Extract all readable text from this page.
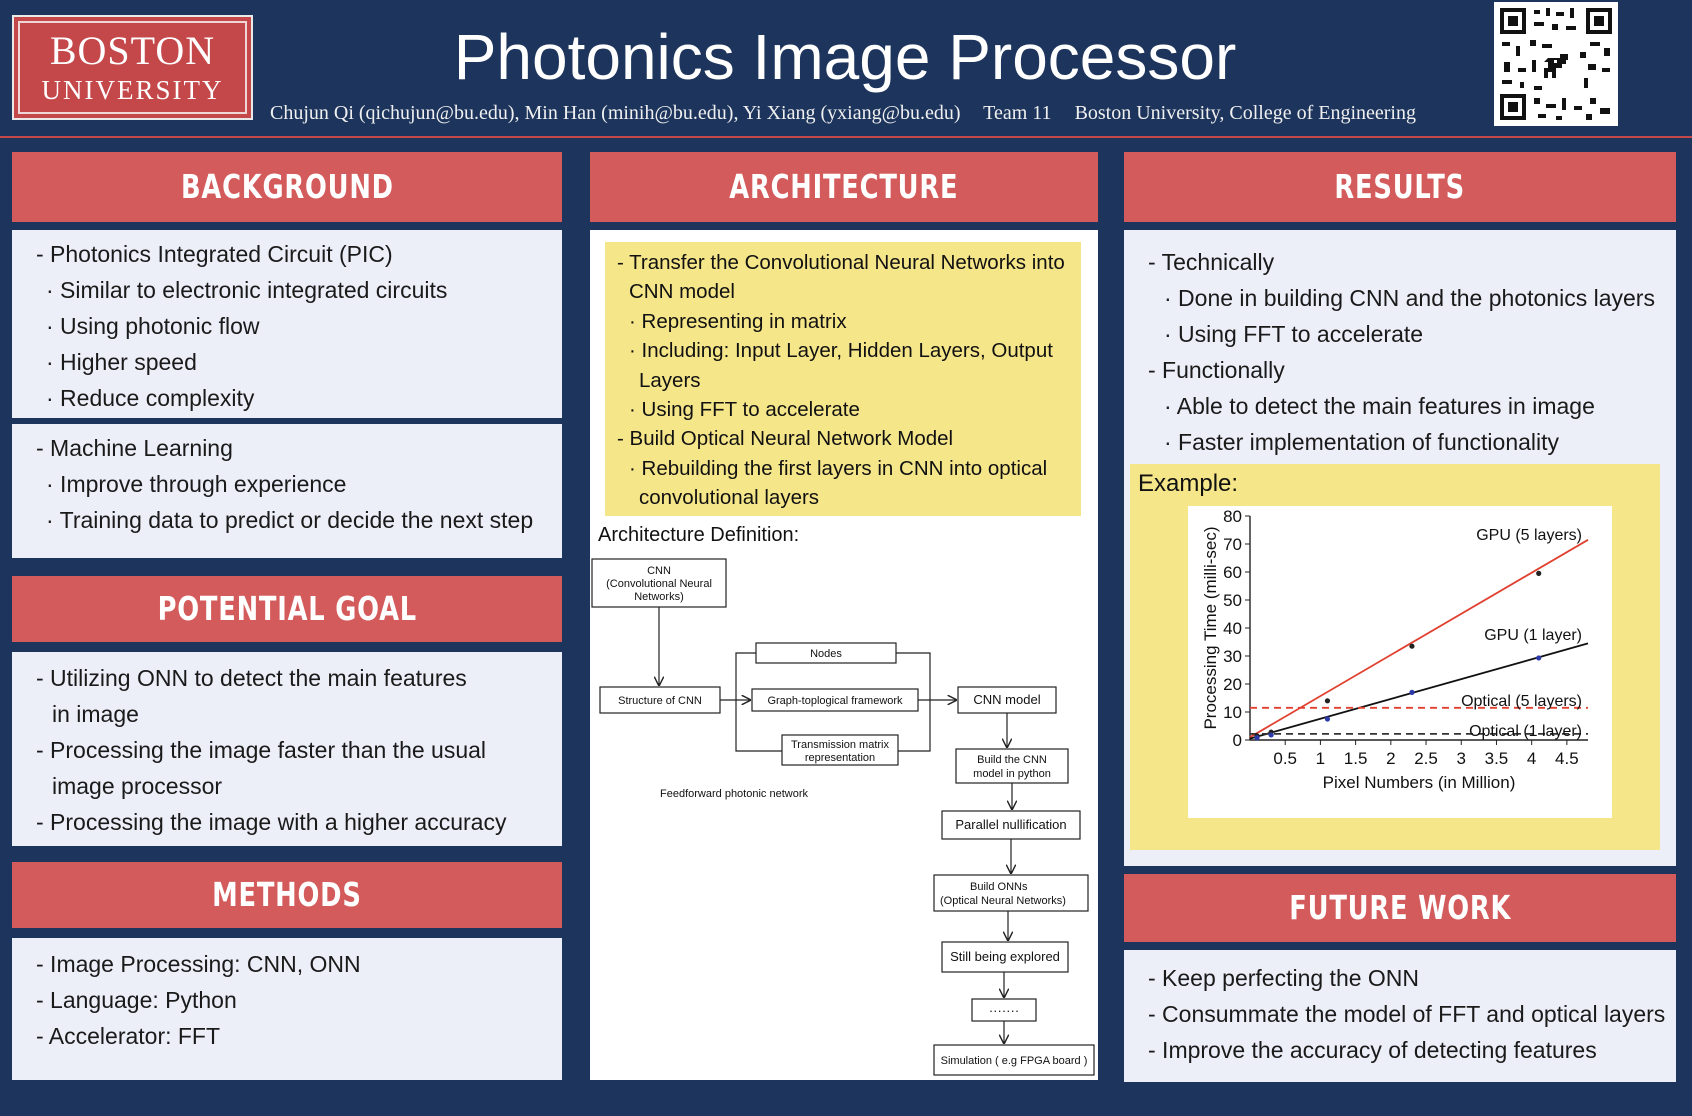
BOSTON
UNIVERSITY	Photonics Image Processor
Chujun Qi (qichujun@bu.edu), Min Han (minih@bu.edu), Yi Xiang (yxiang@bu.edu) Team 11 Boston University, College of Engineering
BACKGROUND
- Photonics Integrated Circuit (PIC)
· Similar to electronic integrated circuits
· Using photonic flow
· Higher speed
· Reduce complexity
- Machine Learning
· Improve through experience
· Training data to predict or decide the next step
POTENTIAL GOAL
- Utilizing ONN to detect the main features
in image
- Processing the image faster than the usual
image processor
- Processing the image with a higher accuracy
METHODS
- Image Processing: CNN, ONN
- Language: Python
- Accelerator: FFT
ARCHITECTURE
- Transfer the Convolutional Neural Networks into
CNN model
· Representing in matrix
· Including: Input Layer, Hidden Layers, Output
Layers
· Using FFT to accelerate
- Build Optical Neural Network Model
· Rebuilding the first layers in CNN into optical
convolutional layers
Architecture Definition:
CNN
(Convolutional Neural
Networks)
Structure of CNN
Nodes
Graph-toplogical framework
Transmission matrix
representation
Feedforward photonic network
CNN model
Build the CNN
model in python
Parallel nullification
Build ONNs
(Optical Neural Networks)
Still being explored
·······
Simulation ( e.g FPGA board )
RESULTS
- Technically
· Done in building CNN and the photonics layers
· Using FFT to accelerate
- Functionally
· Able to detect the main features in image
· Faster implementation of functionality
Example:
0
10
20
30
40
50
60
70
80
0.5 1 1.5 2 2.5 3 3.5 4 4.5
Pixel Numbers (in Million)
Processing Time (milli-sec)	GPU (5 layers)
GPU (1 layer)
Optical (5 layers)
Optical (1 layer)
FUTURE WORK
- Keep perfecting the ONN
- Consummate the model of FFT and optical layers
- Improve the accuracy of detecting features
